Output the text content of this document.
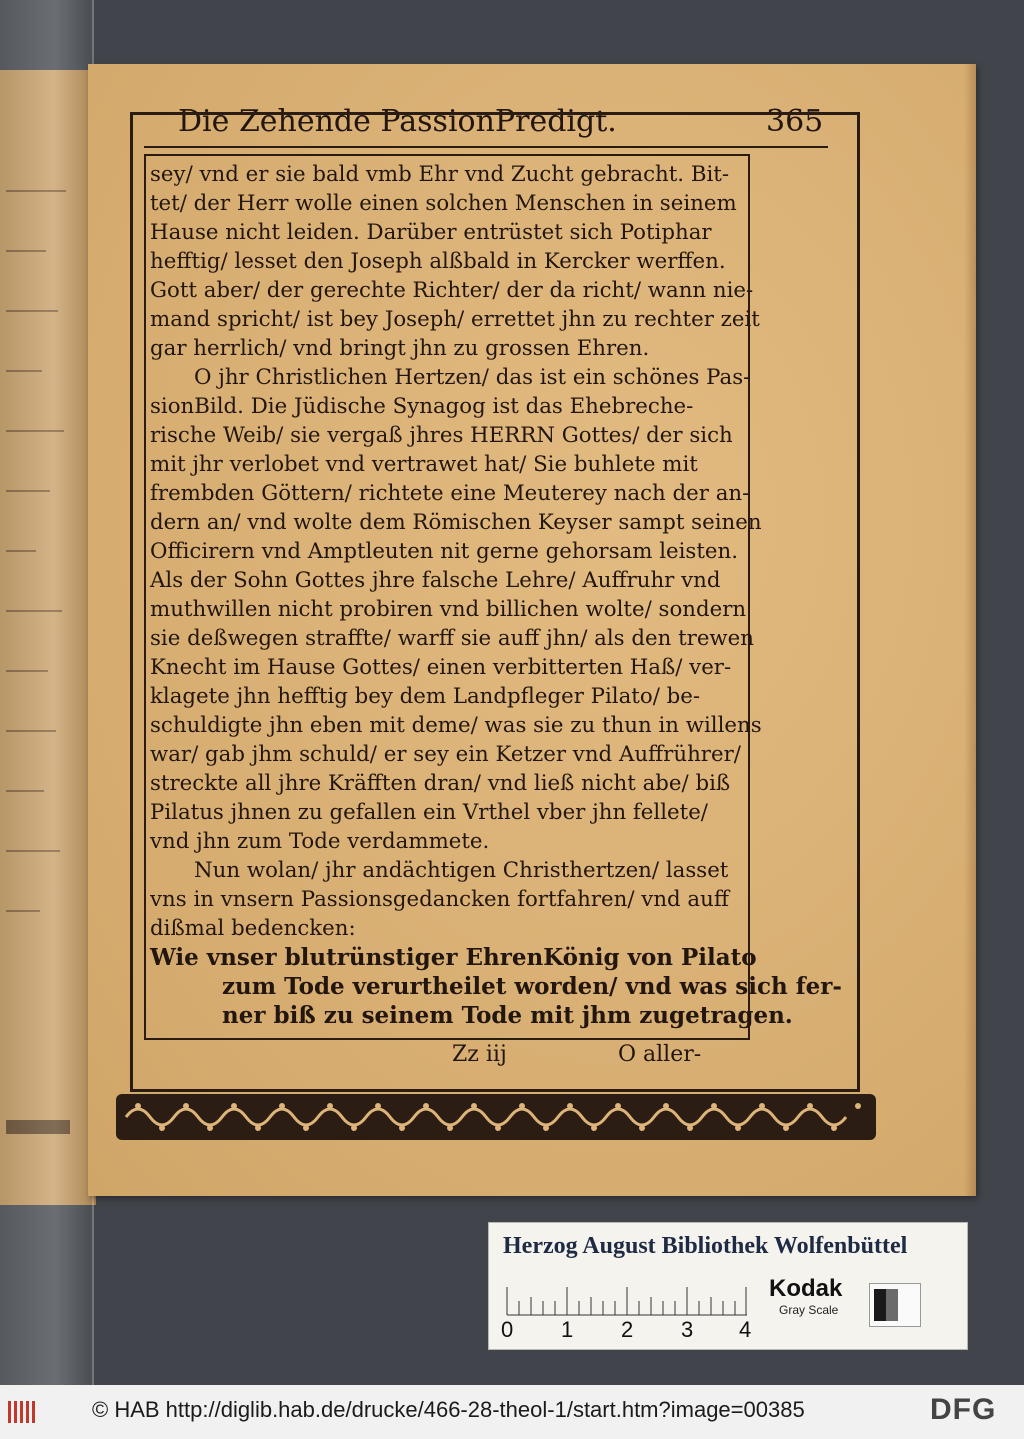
Die Zehende PassionPredigt.	365
sey/ vnd er sie bald vmb Ehr vnd Zucht gebracht. Bit-
tet/ der Herr wolle einen solchen Menschen in seinem
Hause nicht leiden. Darüber entrüstet sich Potiphar
hefftig/ lesset den Joseph alßbald in Kercker werffen.
Gott aber/ der gerechte Richter/ der da richt/ wann nie-
mand spricht/ ist bey Joseph/ errettet jhn zu rechter zeit
gar herrlich/ vnd bringt jhn zu grossen Ehren.
O jhr Christlichen Hertzen/ das ist ein schönes Pas-
sionBild. Die Jüdische Synagog ist das Ehebreche-
rische Weib/ sie vergaß jhres HERRN Gottes/ der sich
mit jhr verlobet vnd vertrawet hat/ Sie buhlete mit
frembden Göttern/ richtete eine Meuterey nach der an-
dern an/ vnd wolte dem Römischen Keyser sampt seinen
Officirern vnd Amptleuten nit gerne gehorsam leisten.
Als der Sohn Gottes jhre falsche Lehre/ Auffruhr vnd
muthwillen nicht probiren vnd billichen wolte/ sondern
sie deßwegen straffte/ warff sie auff jhn/ als den trewen
Knecht im Hause Gottes/ einen verbitterten Haß/ ver-
klagete jhn hefftig bey dem Landpfleger Pilato/ be-
schuldigte jhn eben mit deme/ was sie zu thun in willens
war/ gab jhm schuld/ er sey ein Ketzer vnd Auffrührer/
streckte all jhre Kräfften dran/ vnd ließ nicht abe/ biß
Pilatus jhnen zu gefallen ein Vrthel vber jhn fellete/
vnd jhn zum Tode verdammete.
Nun wolan/ jhr andächtigen Christhertzen/ lasset
vns in vnsern Passionsgedancken fortfahren/ vnd auff
dißmal bedencken:
Wie vnser blutrünstiger EhrenKönig von Pilato
zum Tode verurtheilet worden/ vnd was sich fer-
ner biß zu seinem Tode mit jhm zugetragen.
Zz iij	O aller-
Herzog August Bibliothek Wolfenbüttel
0 1 2 3 4
Kodak
Gray Scale
© HAB http://diglib.hab.de/drucke/466-28-theol-1/start.htm?image=00385	DFG
